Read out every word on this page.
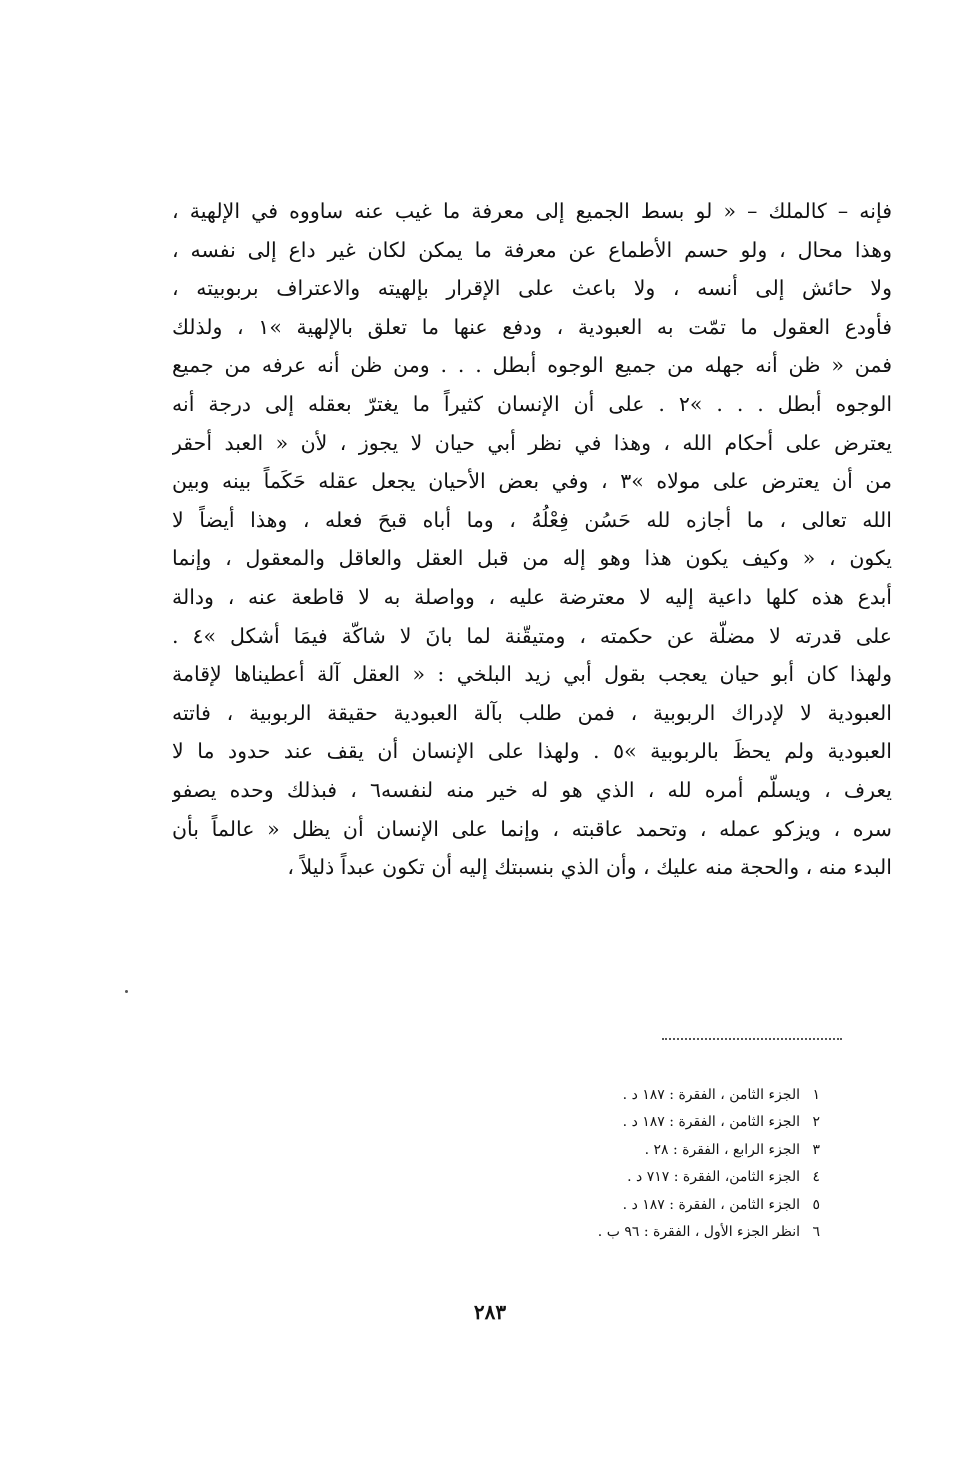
فإنه – كالملك – « لو بسط الجميع إلى معرفة ما غيب عنه ساووه في الإلهية ،
وهذا محال ، ولو حسم الأطماع عن معرفة ما يمكن لكان غير داع إلى نفسه ،
ولا حائش إلى أنسه ، ولا باعث على الإقرار بإلهيته والاعتراف بربوبيته ،
فأودع العقول ما تمّت به العبودية ، ودفع عنها ما تعلق بالإلهية »١ ، ولذلك
فمن « ظن أنه جهله من جميع الوجوه أبطل . . . ومن ظن أنه عرفه من جميع
الوجوه أبطل . . . »٢ . على أن الإنسان كثيراً ما يغترّ بعقله إلى درجة أنه
يعترض على أحكام الله ، وهذا في نظر أبي حيان لا يجوز ، لأن « العبد أحقر
من أن يعترض على مولاه »٣ ، وفي بعض الأحيان يجعل عقله حَكَماً بينه وبين
الله تعالى ، ما أجازه لله حَسُن فِعْلُهُ ، وما أباه قبحَ فعله ، وهذا أيضاً لا
يكون ، « وكيف يكون هذا وهو إله من قبل العقل والعاقل والمعقول ، وإنما
أبدع هذه كلها داعية إليه لا معترضة عليه ، وواصلة به لا قاطعة عنه ، ودالة
على قدرته لا مضلّة عن حكمته ، ومتيقّنة لما بانَ لا شاكّة فيمَا أشكل »٤ .
ولهذا كان أبو حيان يعجب بقول أبي زيد البلخي : « العقل آلة أعطيناها لإقامة
العبودية لا لإدراك الربوبية ، فمن طلب بآلة العبودية حقيقة الربوبية ، فاتته
العبودية ولم يحظَ بالربوبية »٥ . ولهذا على الإنسان أن يقف عند حدود ما لا
يعرف ، ويسلّم أمره لله ، الذي هو له خير منه لنفسه٦ ، فبذلك وحده يصفو
سره ، ويزكو عمله ، وتحمد عاقبته ، وإنما على الإنسان أن يظل « عالماً بأن
البدء منه ، والحجة منه عليك ، وأن الذي بنسبتك إليه أن تكون عبداً ذليلاً ،
١الجزء الثامن ، الفقرة : ١٨٧ د .
٢الجزء الثامن ، الفقرة : ١٨٧ د .
٣الجزء الرابع ، الفقرة : ٢٨ .
٤الجزء الثامن، الفقرة : ٧١٧ د .
٥الجزء الثامن ، الفقرة : ١٨٧ د .
٦انظر الجزء الأول ، الفقرة : ٩٦ ب .
٢٨٣
